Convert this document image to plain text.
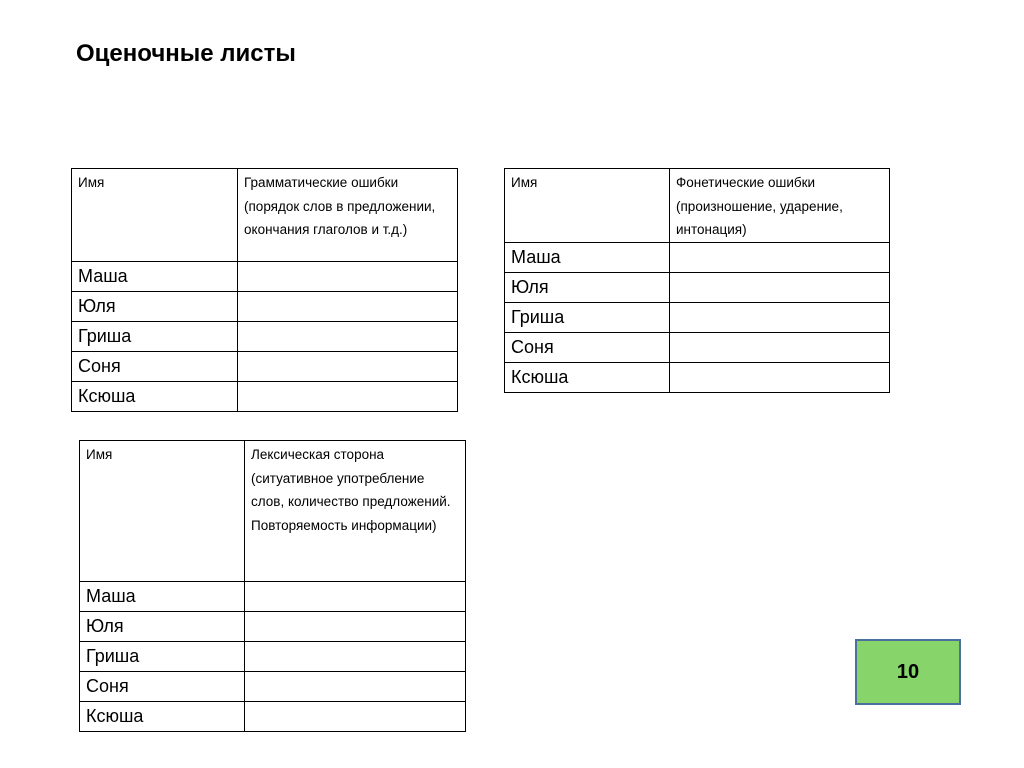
Оценочные листы
Имя	Грамматические ошибки (порядок слов в предложении, окончания глаголов и т.д.)
Маша	
Юля	
Гриша	
Соня	
Ксюша	
Имя	Фонетические ошибки (произношение, ударение, интонация)
Маша	
Юля	
Гриша	
Соня	
Ксюша	
Имя	Лексическая сторона (ситуативное употребление слов, количество предложений. Повторяемость информации)
Маша	
Юля	
Гриша	
Соня	
Ксюша	
10
